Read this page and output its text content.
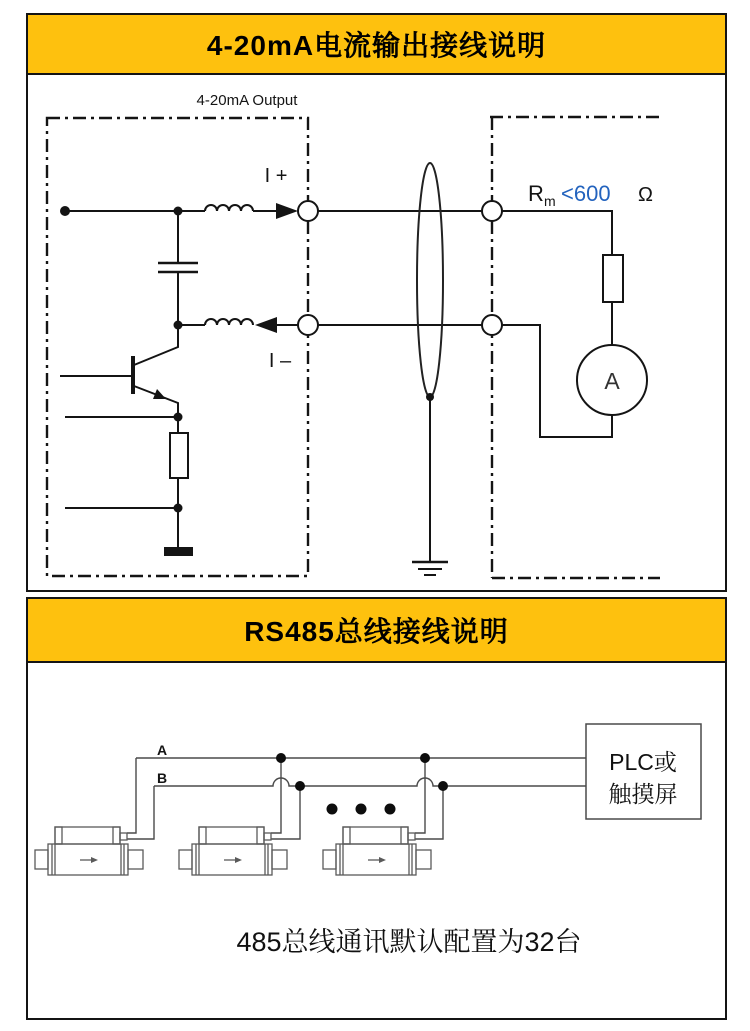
4-20mA电流输出接线说明
4-20mA Output
A
I +
I –
R m <600 Ω
RS485总线接线说明
A
B
PLC或
触摸屏
485总线通讯默认配置为32台
